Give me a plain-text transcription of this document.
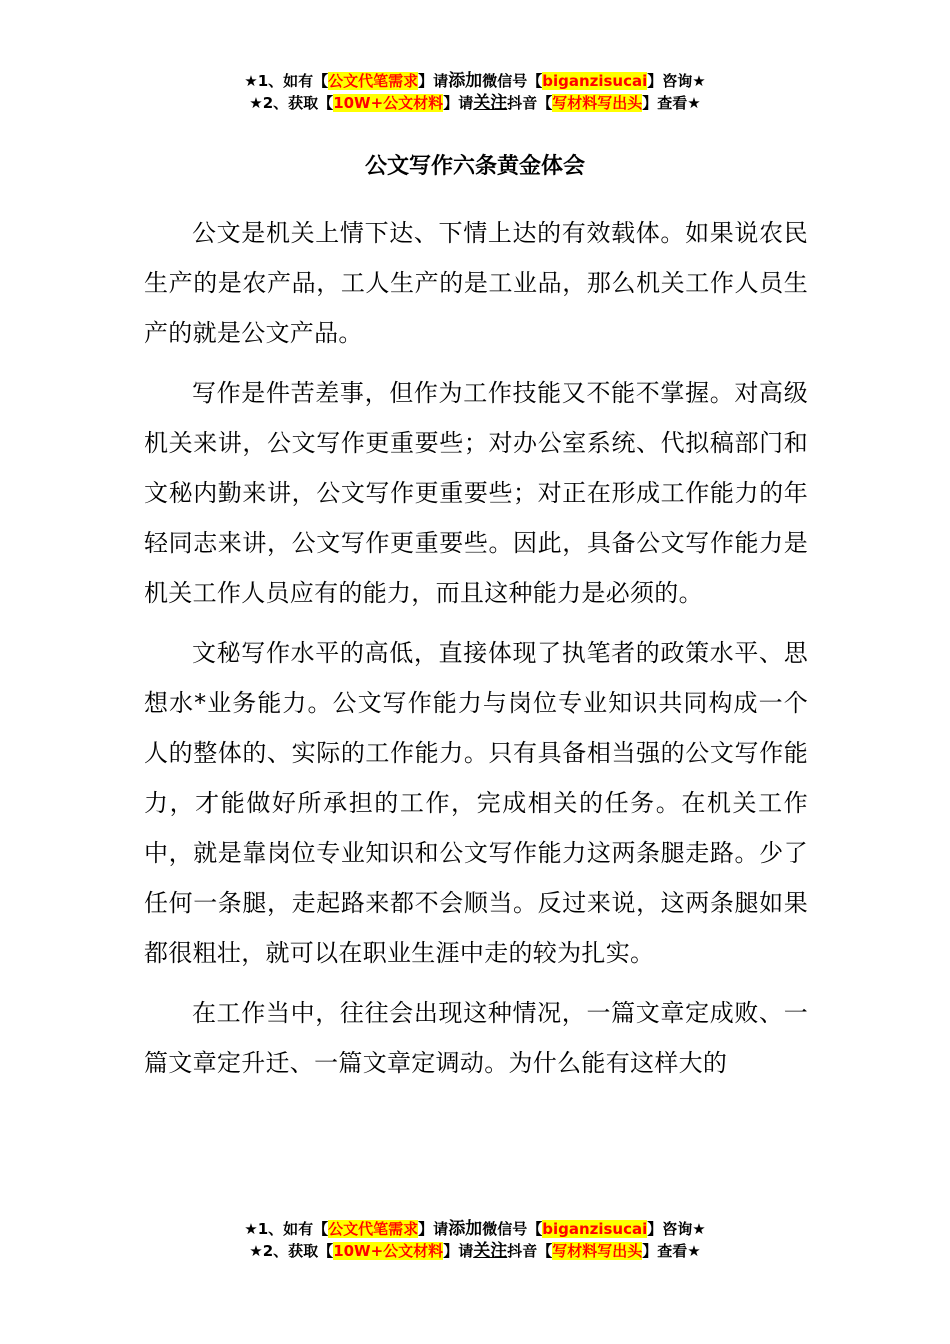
★1、如有【公文代笔需求】请添加微信号【biganzisucai】咨询★
★2、获取【10W+公文材料】请关注抖音【写材料写出头】查看★
公文写作六条黄金体会

公文是机关上情下达、下情上达的有效载体。如果说农民生产的是农产品，工人生产的是工业品，那么机关工作人员生产的就是公文产品。

写作是件苦差事，但作为工作技能又不能不掌握。对高级机关来讲，公文写作更重要些；对办公室系统、代拟稿部门和文秘内勤来讲，公文写作更重要些；对正在形成工作能力的年轻同志来讲，公文写作更重要些。因此，具备公文写作能力是机关工作人员应有的能力，而且这种能力是必须的。

文秘写作水平的高低，直接体现了执笔者的政策水平、思想水*业务能力。公文写作能力与岗位专业知识共同构成一个人的整体的、实际的工作能力。只有具备相当强的公文写作能力，才能做好所承担的工作，完成相关的任务。在机关工作中，就是靠岗位专业知识和公文写作能力这两条腿走路。少了任何一条腿，走起路来都不会顺当。反过来说，这两条腿如果都很粗壮，就可以在职业生涯中走的较为扎实。

在工作当中，往往会出现这种情况，一篇文章定成败、一篇文章定升迁、一篇文章定调动。为什么能有这样大的

★1、如有【公文代笔需求】请添加微信号【biganzisucai】咨询★
★2、获取【10W+公文材料】请关注抖音【写材料写出头】查看★
